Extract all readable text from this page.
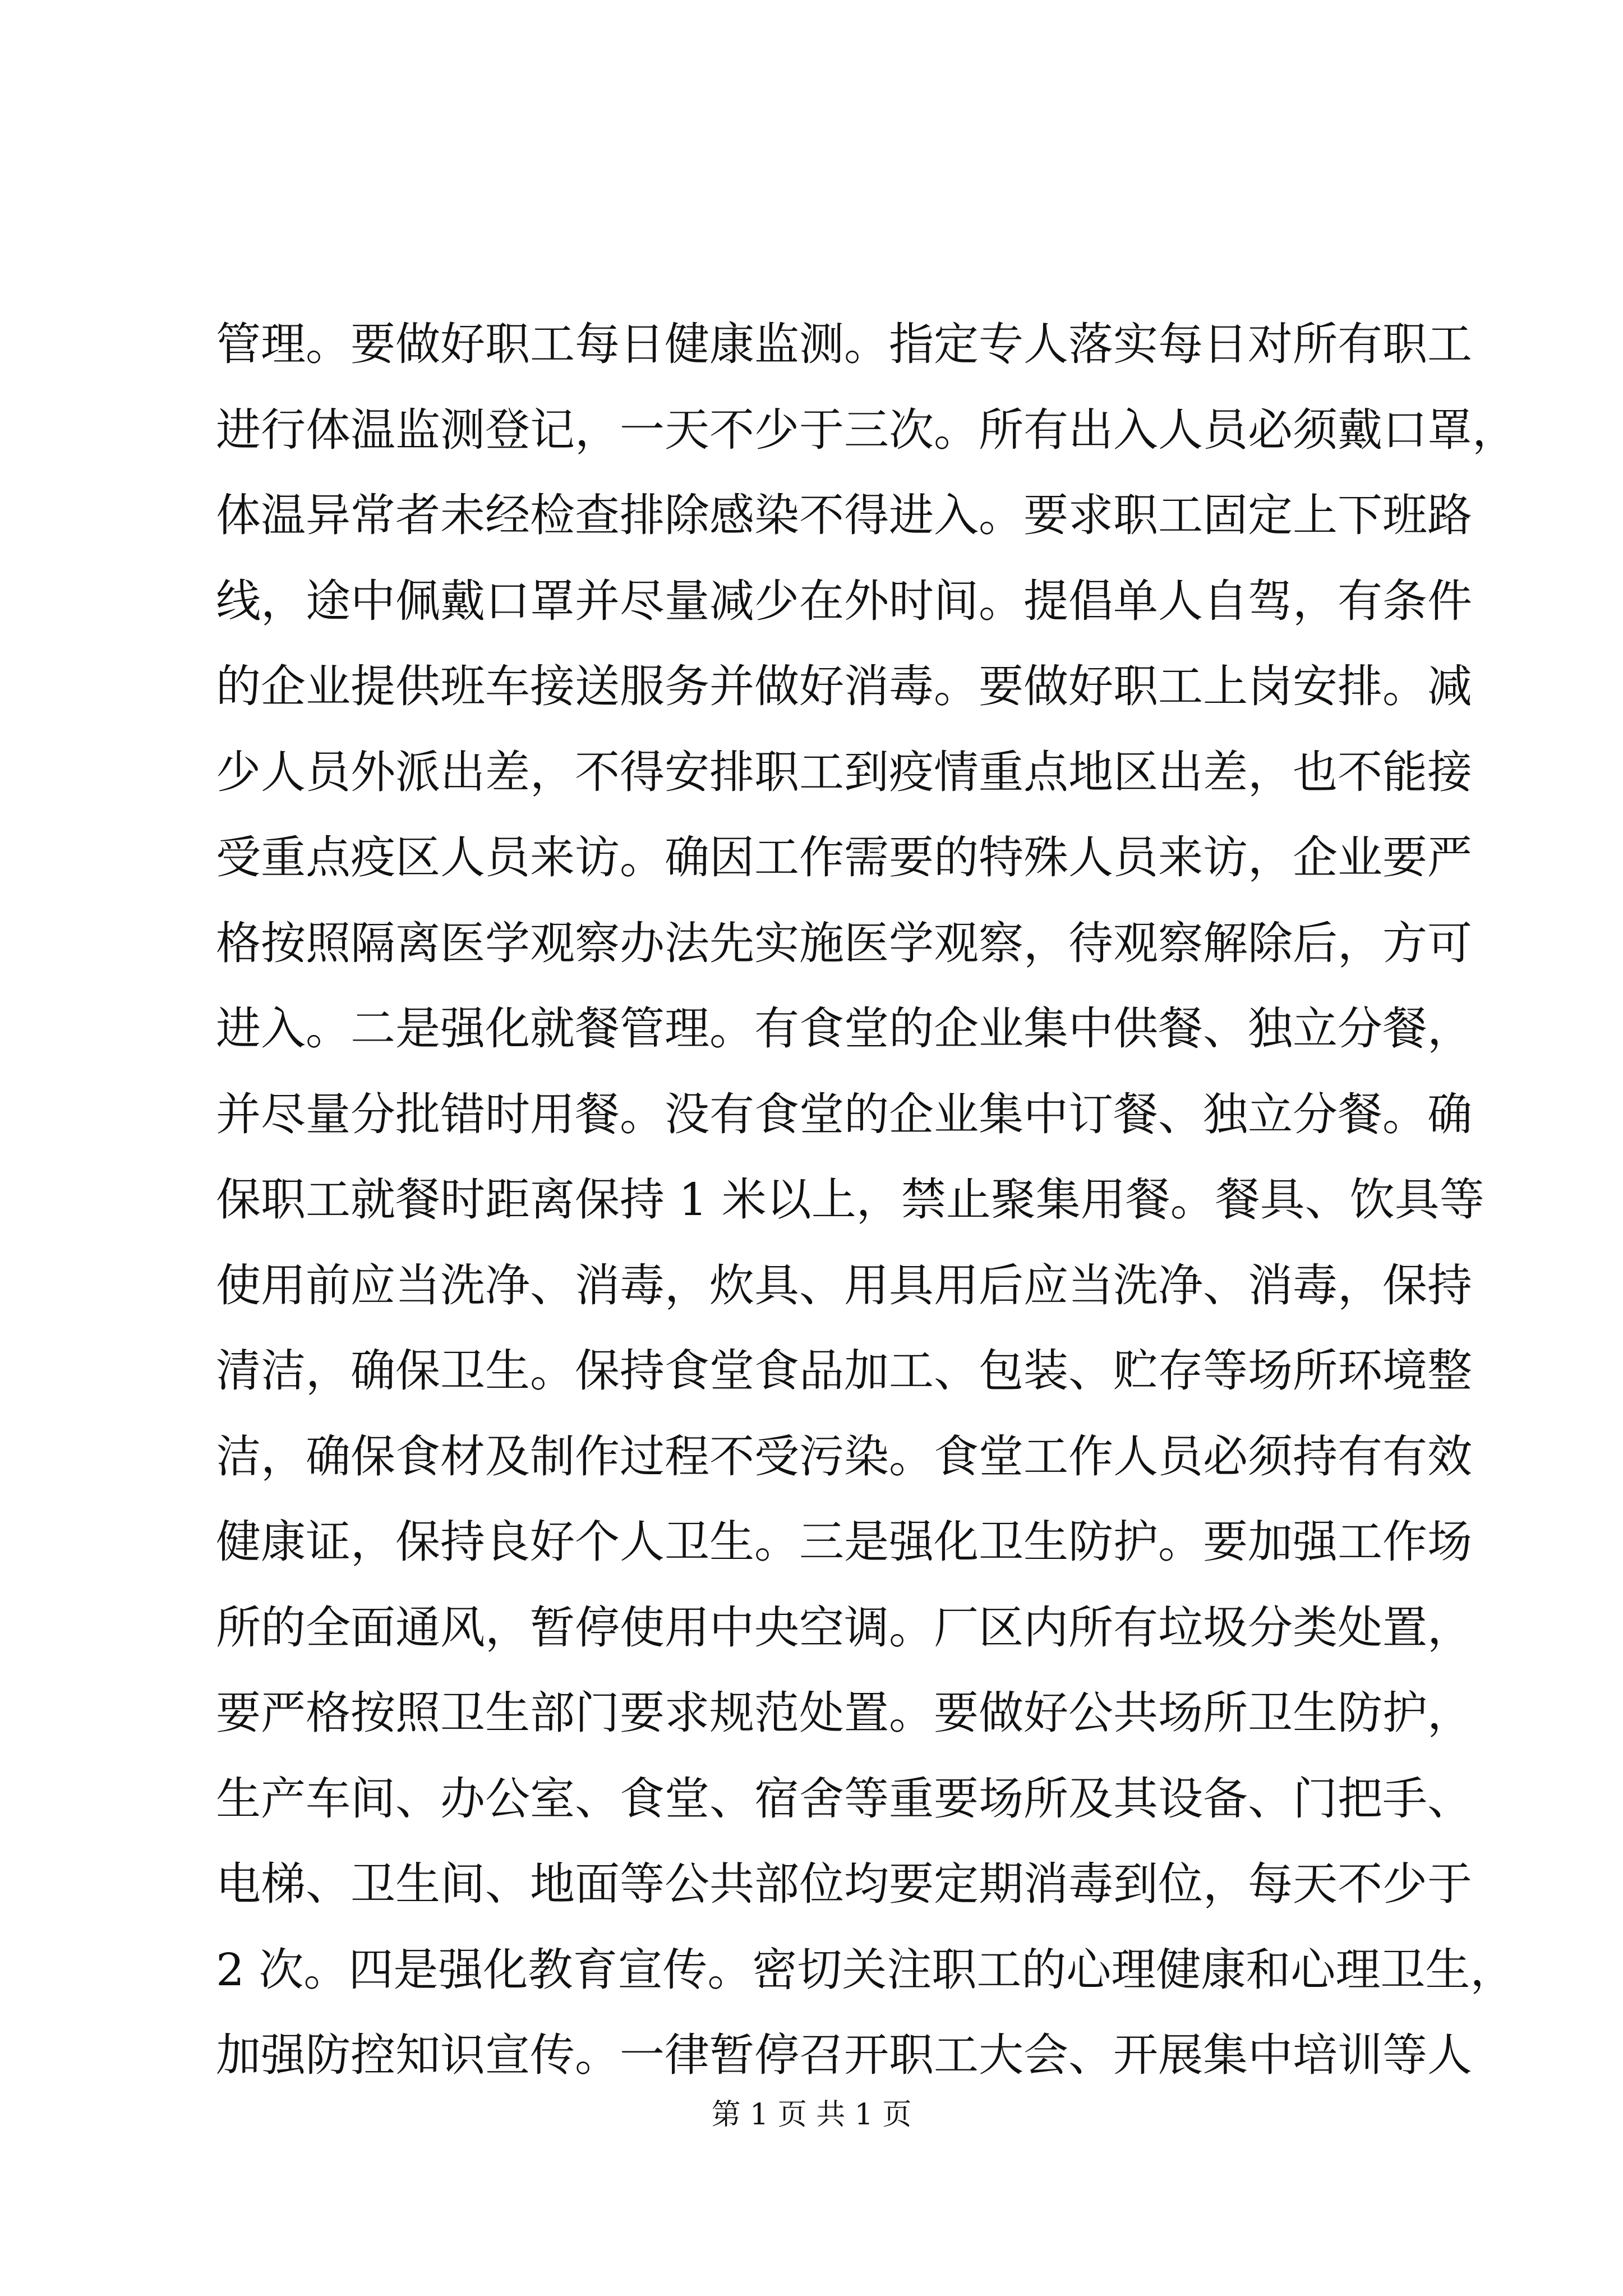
管理。要做好职工每日健康监测。指定专人落实每日对所有职工
进行体温监测登记，一天不少于三次。所有出入人员必须戴口罩，
体温异常者未经检查排除感染不得进入。要求职工固定上下班路
线，途中佩戴口罩并尽量减少在外时间。提倡单人自驾，有条件
的企业提供班车接送服务并做好消毒。要做好职工上岗安排。减
少人员外派出差，不得安排职工到疫情重点地区出差，也不能接
受重点疫区人员来访。确因工作需要的特殊人员来访，企业要严
格按照隔离医学观察办法先实施医学观察，待观察解除后，方可
进入。二是强化就餐管理。有食堂的企业集中供餐、独立分餐，
并尽量分批错时用餐。没有食堂的企业集中订餐、独立分餐。确
保职工就餐时距离保持 1 米以上，禁止聚集用餐。餐具、饮具等
使用前应当洗净、消毒，炊具、用具用后应当洗净、消毒，保持
清洁，确保卫生。保持食堂食品加工、包装、贮存等场所环境整
洁，确保食材及制作过程不受污染。食堂工作人员必须持有有效
健康证，保持良好个人卫生。三是强化卫生防护。要加强工作场
所的全面通风，暂停使用中央空调。厂区内所有垃圾分类处置，
要严格按照卫生部门要求规范处置。要做好公共场所卫生防护，
生产车间、办公室、食堂、宿舍等重要场所及其设备、门把手、
电梯、卫生间、地面等公共部位均要定期消毒到位，每天不少于
2 次。四是强化教育宣传。密切关注职工的心理健康和心理卫生，
加强防控知识宣传。一律暂停召开职工大会、开展集中培训等人
第 1 页 共 1 页
